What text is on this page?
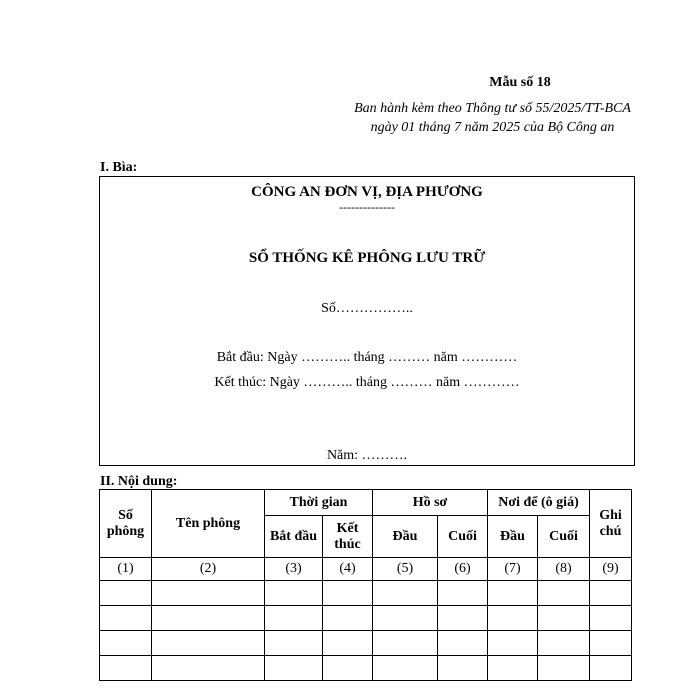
Mẫu số 18
Ban hành kèm theo Thông tư số 55/2025/TT-BCA ngày 01 tháng 7 năm 2025 của Bộ Công an
I. Bìa:
CÔNG AN ĐƠN VỊ, ĐỊA PHƯƠNG
--------------
SỔ THỐNG KÊ PHÔNG LƯU TRỮ
Số……………..
Bắt đầu: Ngày ……….. tháng ……… năm …………
Kết thúc: Ngày ……….. tháng ……… năm …………
Năm: ……….
II. Nội dung:
Số phông	Tên phông	Thời gian		Hồ sơ		Nơi để (ô giá)		Ghi chú
		Bắt đầu	Kết thúc	Đầu	Cuối	Đầu	Cuối	
(1)	(2)	(3)	(4)	(5)	(6)	(7)	(8)	(9)
